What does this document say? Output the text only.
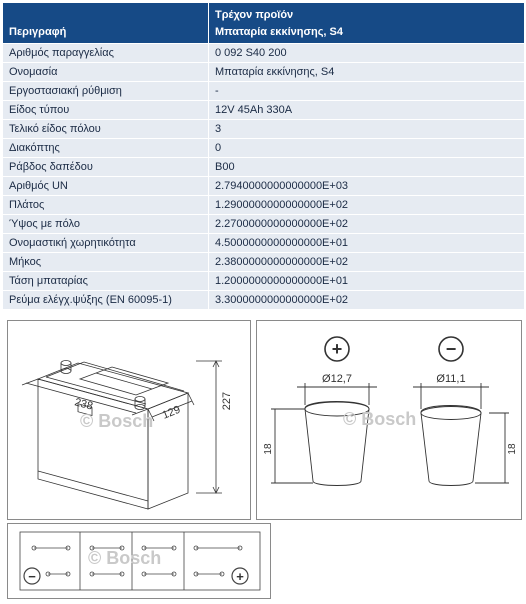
Περιγραφή	Τρέχον προϊόν
Μπαταρία εκκίνησης, S4

Αριθμός παραγγελίας	0 092 S40 200
Ονομασία	Μπαταρία εκκίνησης, S4
Εργοστασιακή ρύθμιση	-
Είδος τύπου	12V 45Ah 330A
Τελικό είδος πόλου	3
Διακόπτης	0
Ράβδος δαπέδου	B00
Αριθμός UN	2.7940000000000000E+03
Πλάτος	1.2900000000000000E+02
Ύψος με πόλο	2.2700000000000000E+02
Ονομαστική χωρητικότητα	4.5000000000000000E+01
Μήκος	2.3800000000000000E+02
Τάση μπαταρίας	1.2000000000000000E+01
Ρεύμα ελέγχ.ψύξης (EN 60095-1)	3.3000000000000000E+02
227
238	129
© Bosch
+	−
Ø12,7	Ø11,1
18	18
© Bosch
−	+
© Bosch
